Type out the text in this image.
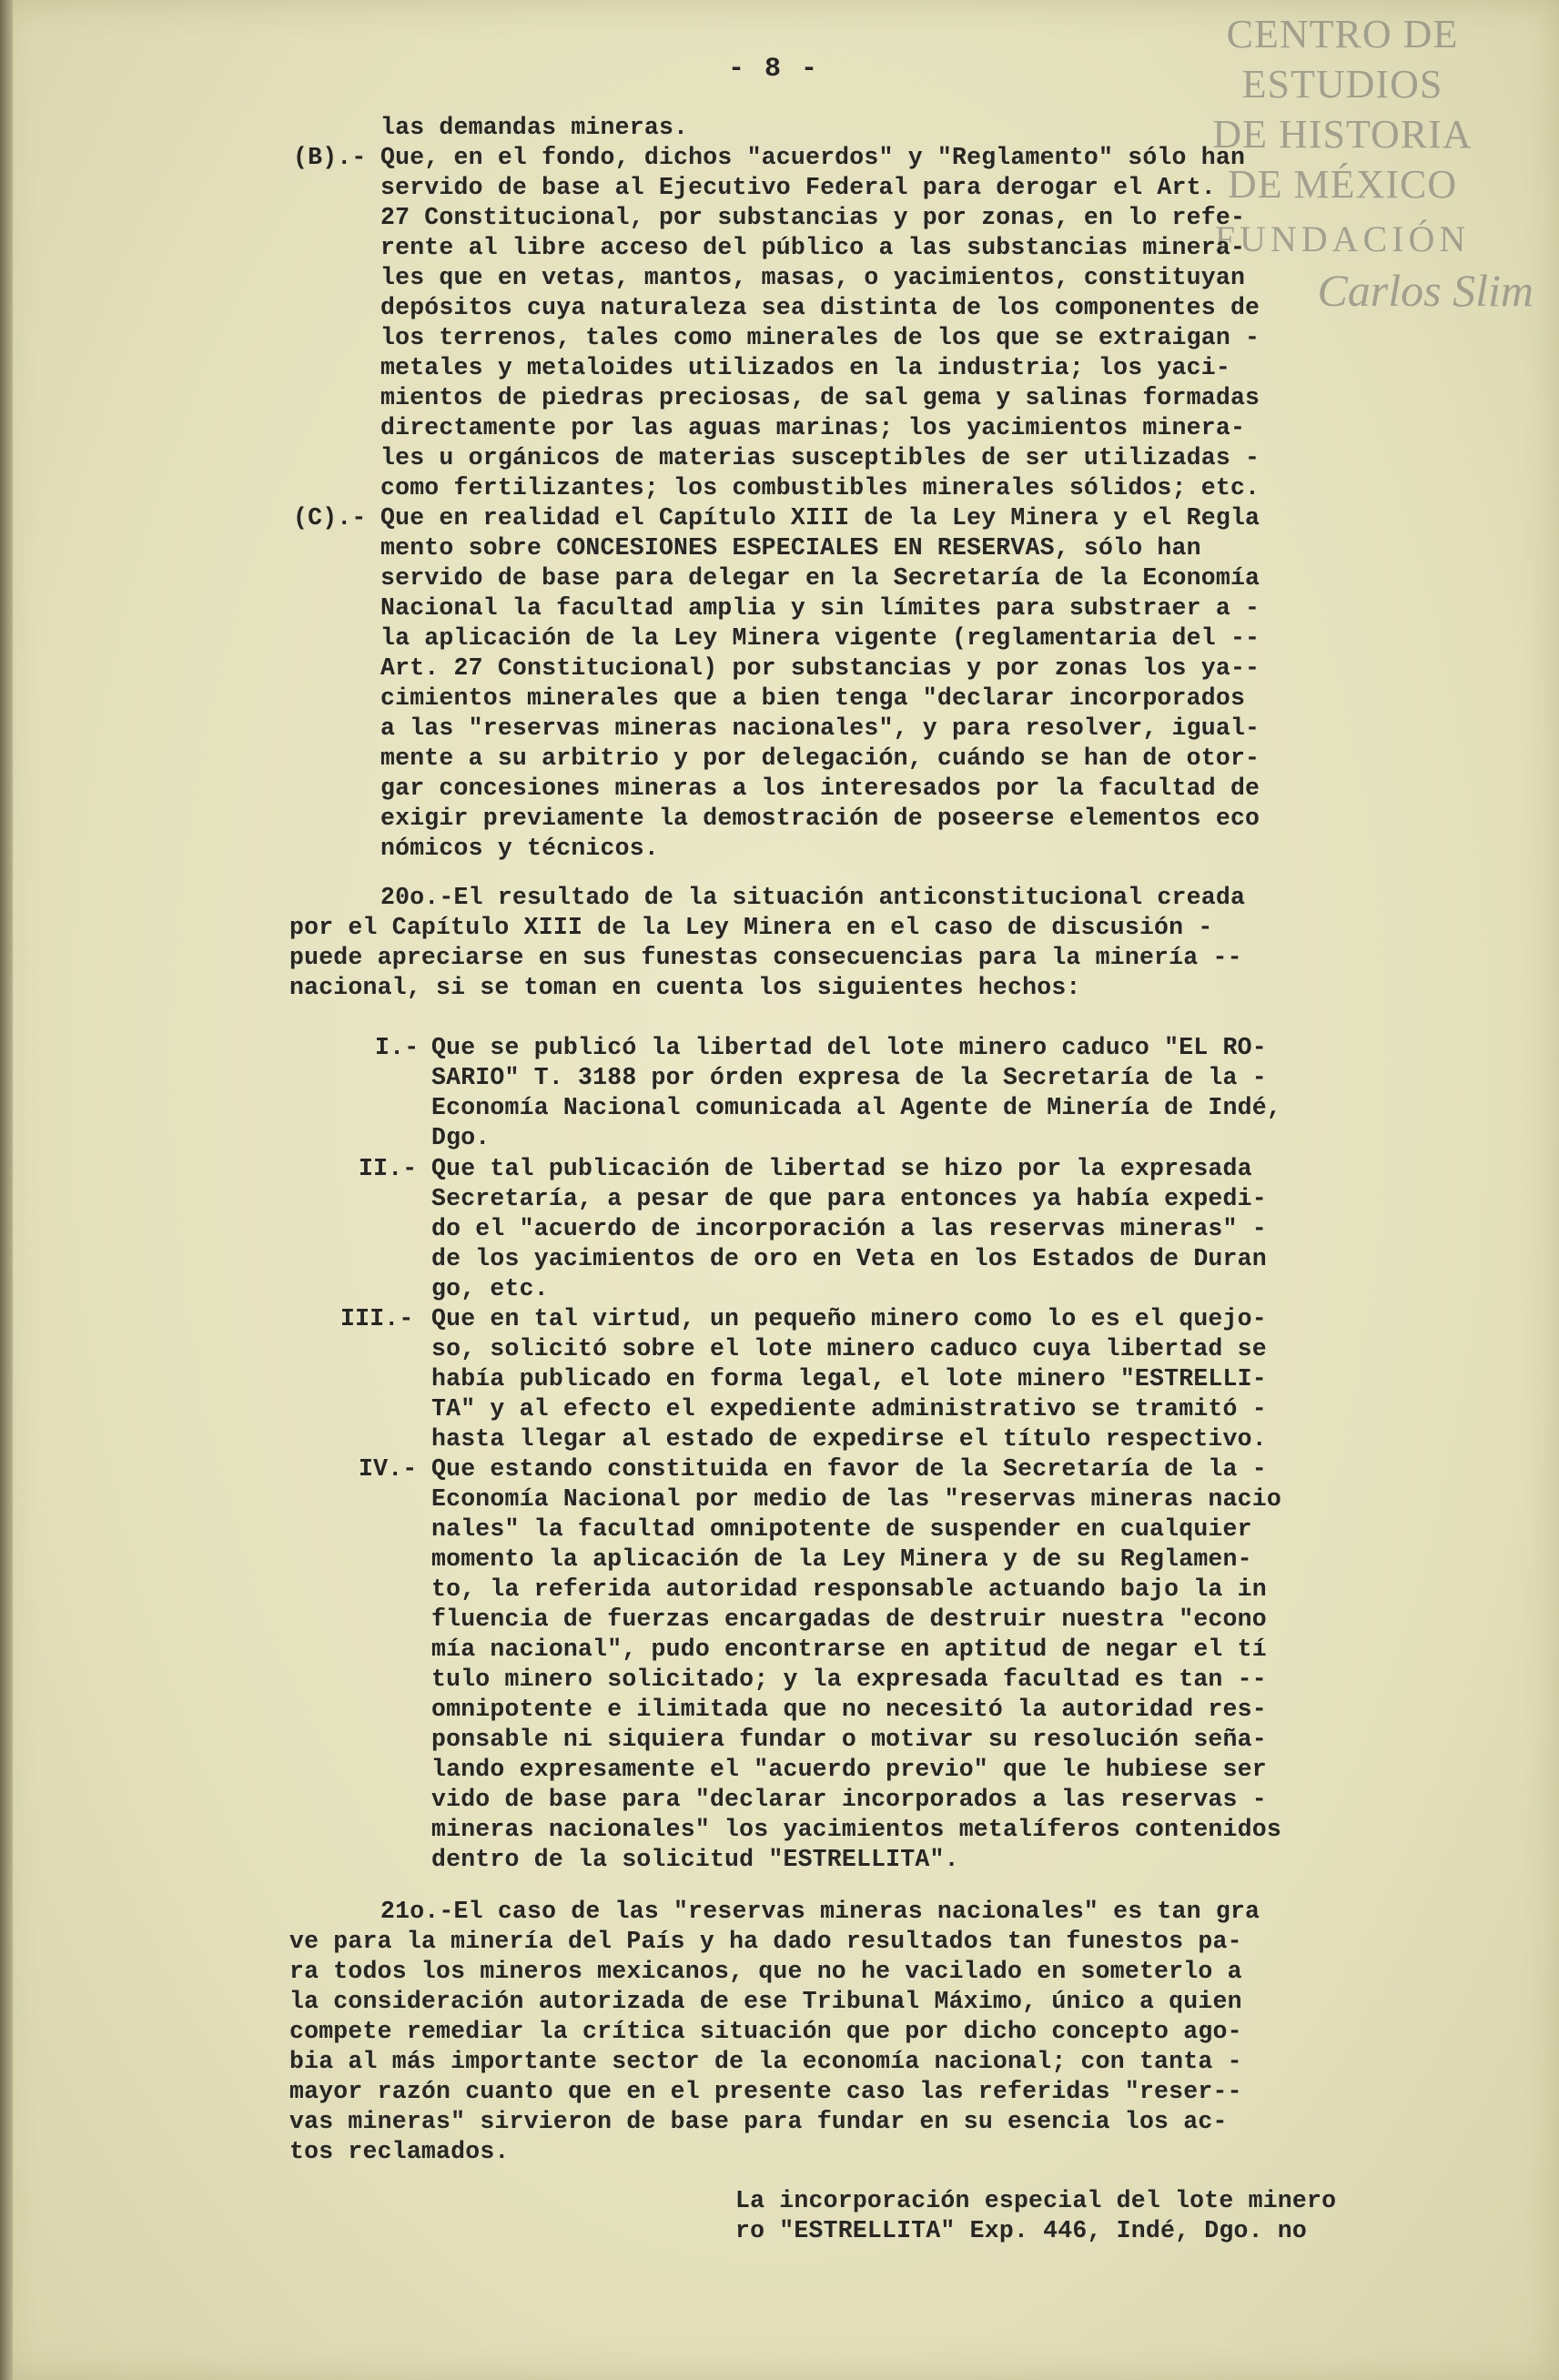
CENTRO DE
ESTUDIOS
DE HISTORIA
DE MÉXICO
FUNDACIÓN
Carlos Slim
- 8 -

las demandas mineras.

(B).- Que, en el fondo, dichos "acuerdos" y "Reglamento" sólo han

servido de base al Ejecutivo Federal para derogar el Art.

27 Constitucional, por substancias y por zonas, en lo refe-

rente al libre acceso del público a las substancias minera-

les que en vetas, mantos, masas, o yacimientos, constituyan

depósitos cuya naturaleza sea distinta de los componentes de

los terrenos, tales como minerales de los que se extraigan -

metales y metaloides utilizados en la industria; los yaci-

mientos de piedras preciosas, de sal gema y salinas formadas

directamente por las aguas marinas; los yacimientos minera-

les u orgánicos de materias susceptibles de ser utilizadas -

como fertilizantes; los combustibles minerales sólidos; etc.

(C).- Que en realidad el Capítulo XIII de la Ley Minera y el Regla

mento sobre CONCESIONES ESPECIALES EN RESERVAS, sólo han

servido de base para delegar en la Secretaría de la Economía

Nacional la facultad amplia y sin límites para substraer a -

la aplicación de la Ley Minera vigente (reglamentaria del --

Art. 27 Constitucional) por substancias y por zonas los ya--

cimientos minerales que a bien tenga "declarar incorporados

a las "reservas mineras nacionales", y para resolver, igual-

mente a su arbitrio y por delegación, cuándo se han de otor-

gar concesiones mineras a los interesados por la facultad de

exigir previamente la demostración de poseerse elementos eco

nómicos y técnicos.

20o.-El resultado de la situación anticonstitucional creada

por el Capítulo XIII de la Ley Minera en el caso de discusión -

puede apreciarse en sus funestas consecuencias para la minería --

nacional, si se toman en cuenta los siguientes hechos:

I.- Que se publicó la libertad del lote minero caduco "EL RO-

SARIO" T. 3188 por órden expresa de la Secretaría de la -

Economía Nacional comunicada al Agente de Minería de Indé,

Dgo.

II.- Que tal publicación de libertad se hizo por la expresada

Secretaría, a pesar de que para entonces ya había expedi-

do el "acuerdo de incorporación a las reservas mineras" -

de los yacimientos de oro en Veta en los Estados de Duran

go, etc.

III.- Que en tal virtud, un pequeño minero como lo es el quejo-

so, solicitó sobre el lote minero caduco cuya libertad se

había publicado en forma legal, el lote minero "ESTRELLI-

TA" y al efecto el expediente administrativo se tramitó -

hasta llegar al estado de expedirse el título respectivo.

IV.- Que estando constituida en favor de la Secretaría de la -

Economía Nacional por medio de las "reservas mineras nacio

nales" la facultad omnipotente de suspender en cualquier

momento la aplicación de la Ley Minera y de su Reglamen-

to, la referida autoridad responsable actuando bajo la in

fluencia de fuerzas encargadas de destruir nuestra "econo

mía nacional", pudo encontrarse en aptitud de negar el tí

tulo minero solicitado; y la expresada facultad es tan --

omnipotente e ilimitada que no necesitó la autoridad res-

ponsable ni siquiera fundar o motivar su resolución seña-

lando expresamente el "acuerdo previo" que le hubiese ser

vido de base para "declarar incorporados a las reservas -

mineras nacionales" los yacimientos metalíferos contenidos

dentro de la solicitud "ESTRELLITA".

21o.-El caso de las "reservas mineras nacionales" es tan gra

ve para la minería del País y ha dado resultados tan funestos pa-

ra todos los mineros mexicanos, que no he vacilado en someterlo a

la consideración autorizada de ese Tribunal Máximo, único a quien

compete remediar la crítica situación que por dicho concepto ago-

bia al más importante sector de la economía nacional; con tanta -

mayor razón cuanto que en el presente caso las referidas "reser--

vas mineras" sirvieron de base para fundar en su esencia los ac-

tos reclamados.

La incorporación especial del lote minero

ro "ESTRELLITA" Exp. 446, Indé, Dgo. no
